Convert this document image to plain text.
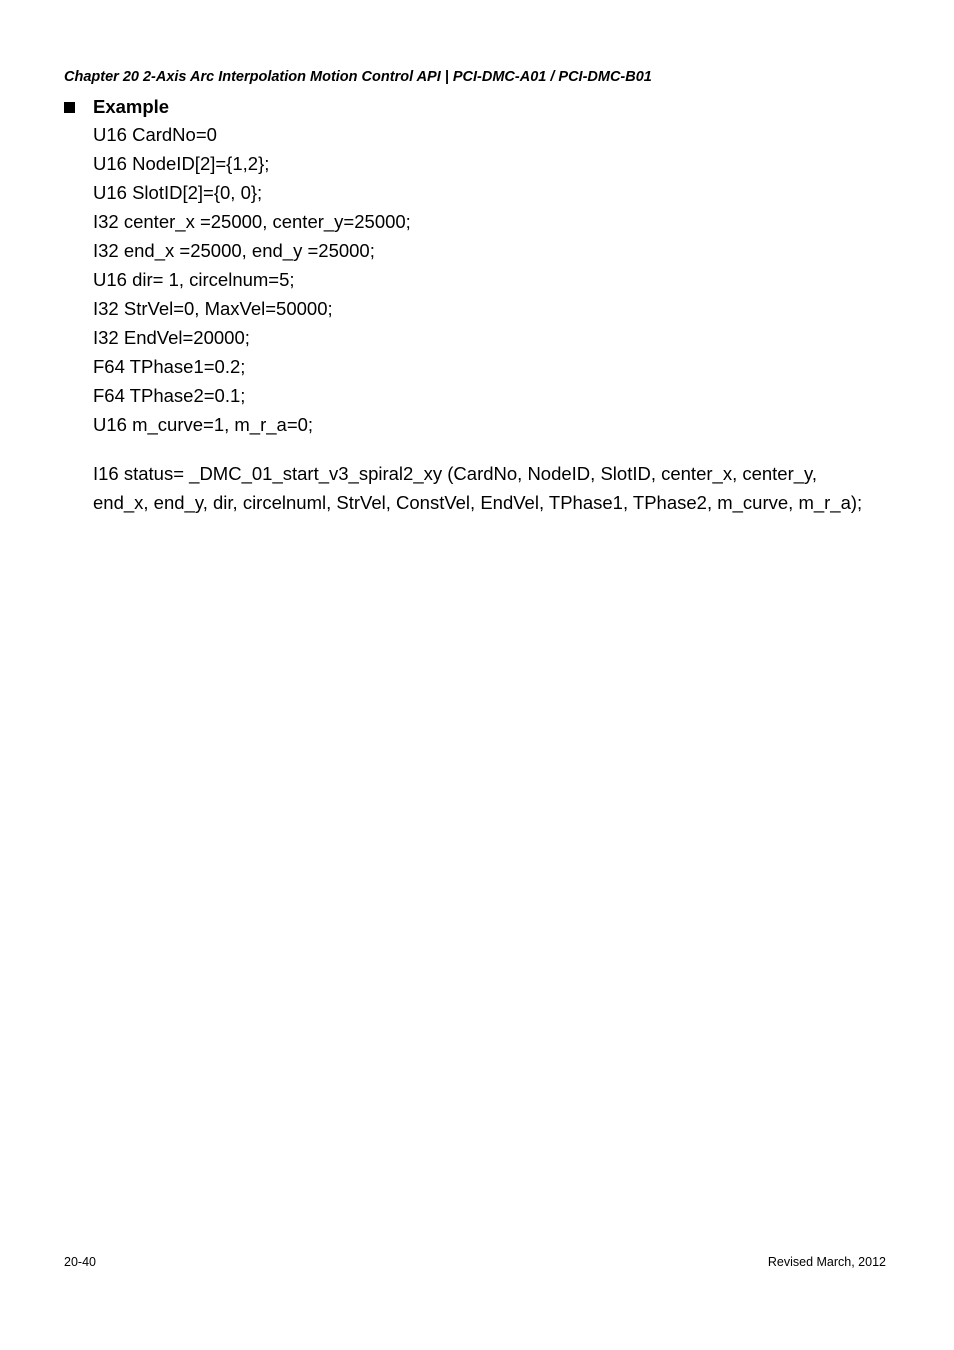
Chapter 20 2-Axis Arc Interpolation Motion Control API | PCI-DMC-A01 / PCI-DMC-B01
Example
U16 CardNo=0
U16 NodeID[2]={1,2};
U16 SlotID[2]={0, 0};
I32 center_x =25000, center_y=25000;
I32 end_x =25000, end_y =25000;
U16 dir= 1, circelnum=5;
I32 StrVel=0, MaxVel=50000;
I32 EndVel=20000;
F64 TPhase1=0.2;
F64 TPhase2=0.1;
U16 m_curve=1, m_r_a=0;
I16 status= _DMC_01_start_v3_spiral2_xy (CardNo, NodeID, SlotID, center_x, center_y, end_x, end_y, dir, circelnuml, StrVel, ConstVel, EndVel, TPhase1, TPhase2, m_curve, m_r_a);
20-40	Revised March, 2012
